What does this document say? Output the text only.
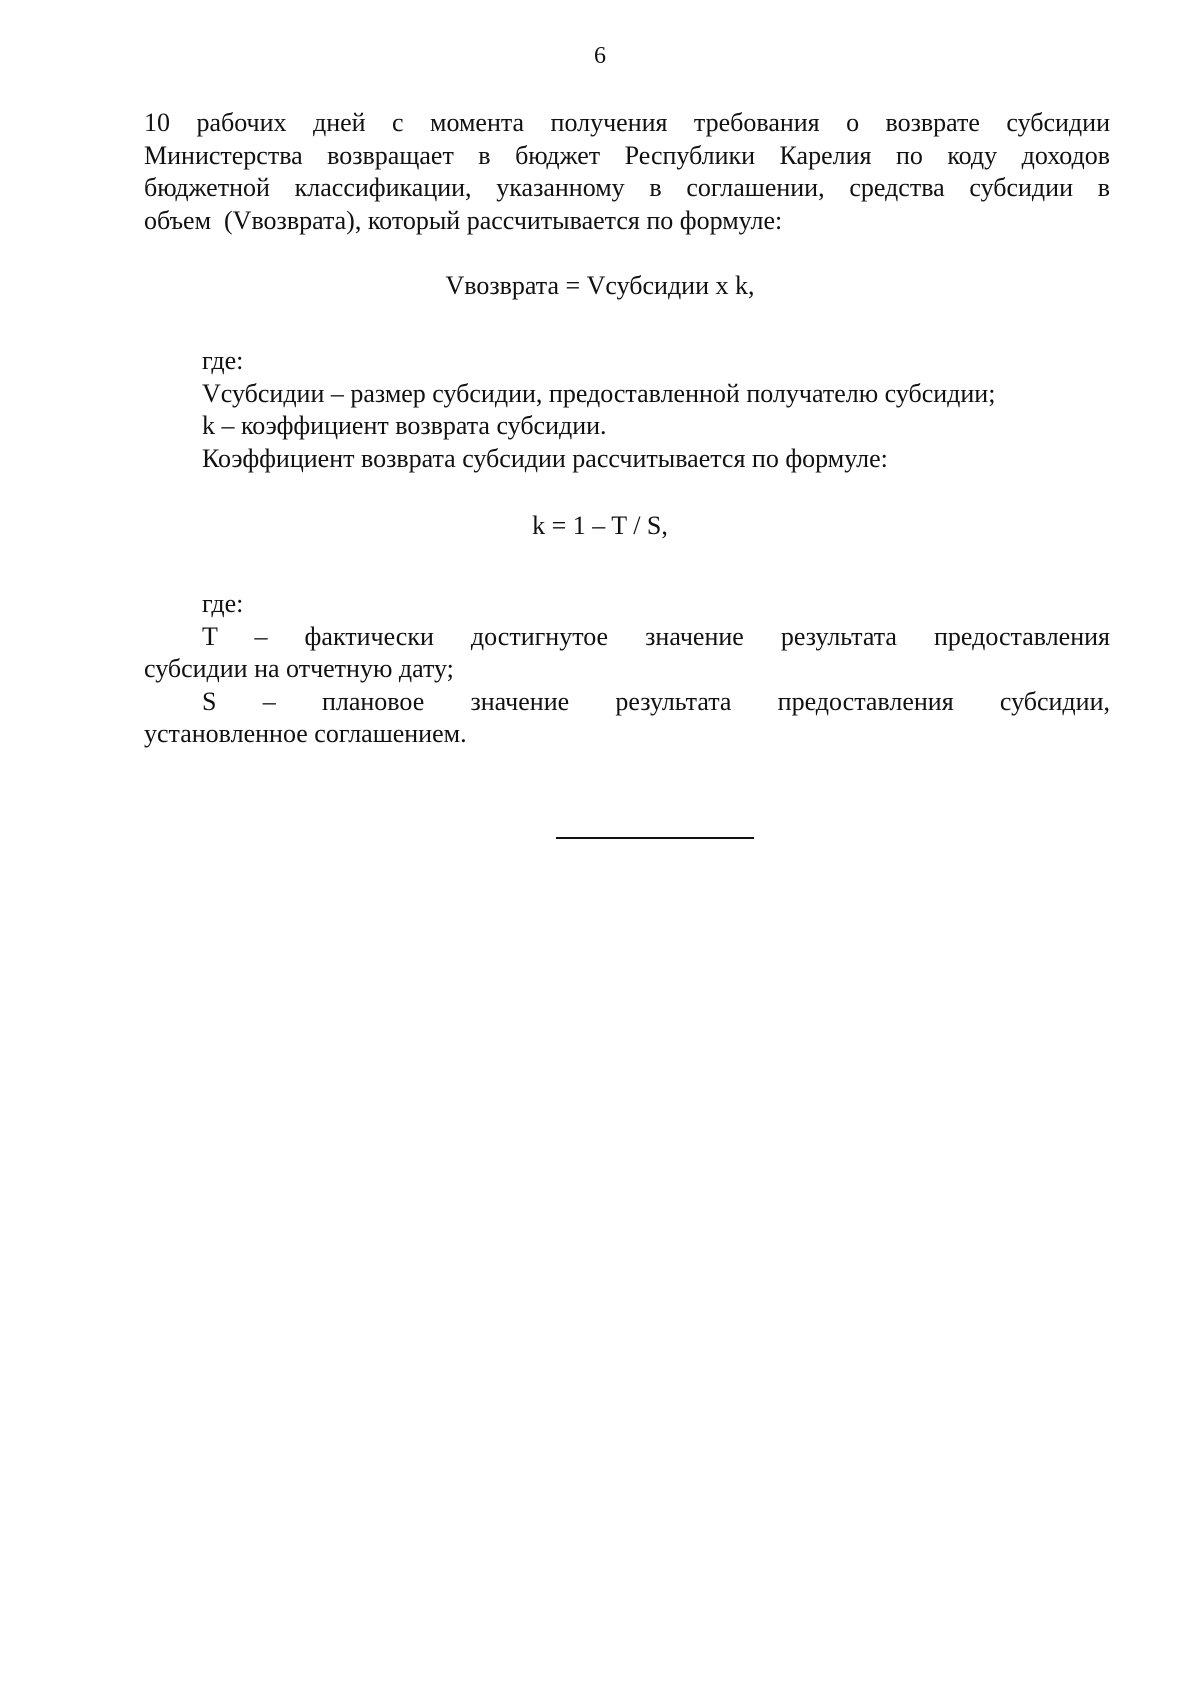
6

10 рабочих дней с момента получения требования о возврате субсидии

Министерства возвращает в бюджет Республики Карелия по коду доходов

бюджетной классификации, указанному в соглашении, средства субсидии в

объем  (Vвозврата), который рассчитывается по формуле:

Vвозврата = Vсубсидии x k,

где:

Vсубсидии – размер субсидии, предоставленной получателю субсидии;

k – коэффициент возврата субсидии.

Коэффициент возврата субсидии рассчитывается по формуле:

k = 1 – T / S,

где:

T – фактически достигнутое значение результата предоставления

субсидии на отчетную дату;

S – плановое значение результата предоставления субсидии,

установленное соглашением.
